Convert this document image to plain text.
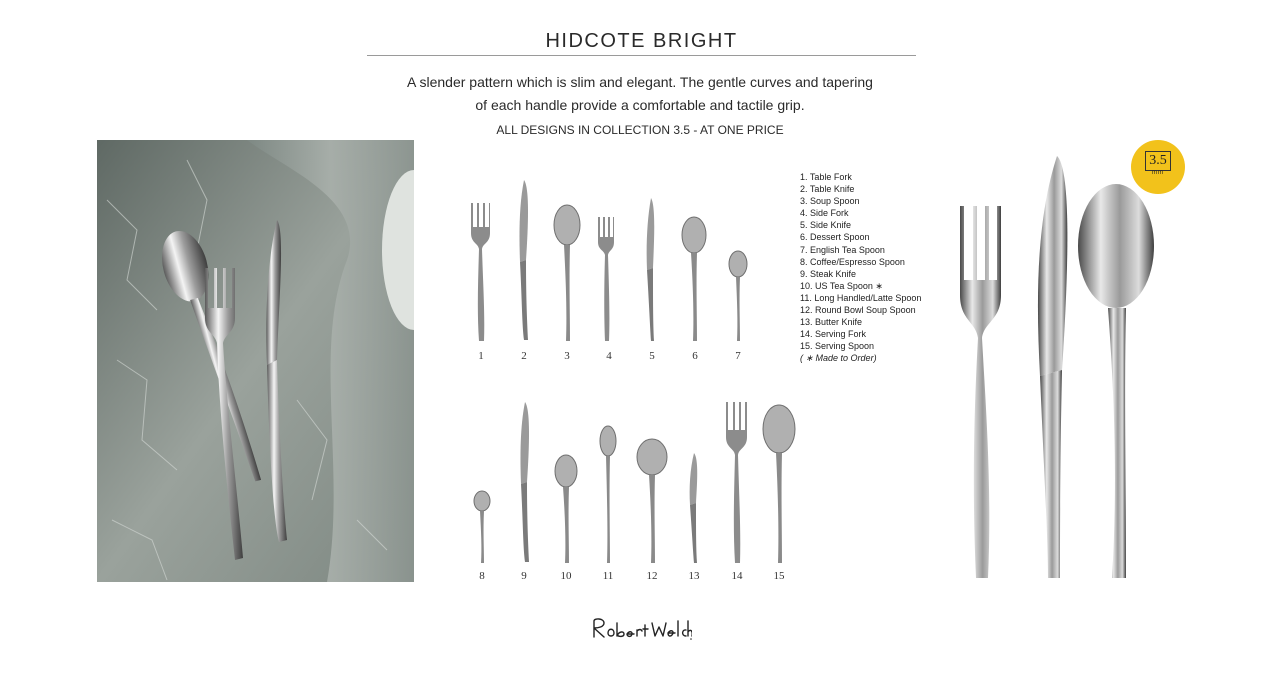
HIDCOTE BRIGHT
A slender pattern which is slim and elegant. The gentle curves and tapering
of each handle provide a comfortable and tactile grip.
ALL DESIGNS IN COLLECTION 3.5 - AT ONE PRICE
1	2	3	4	5	6	7
8	9	10	11	12	13	14	15
1. Table Fork
2. Table Knife
3. Soup Spoon
4. Side Fork
5. Side Knife
6. Dessert Spoon
7. English Tea Spoon
8. Coffee/Espresso Spoon
9. Steak Knife
10. US Tea Spoon ∗
11. Long Handled/Latte Spoon
12. Round Bowl Soup Spoon
13. Butter Knife
14. Serving Fork
15. Serving Spoon
( ∗ Made to Order)
3.5
mm
